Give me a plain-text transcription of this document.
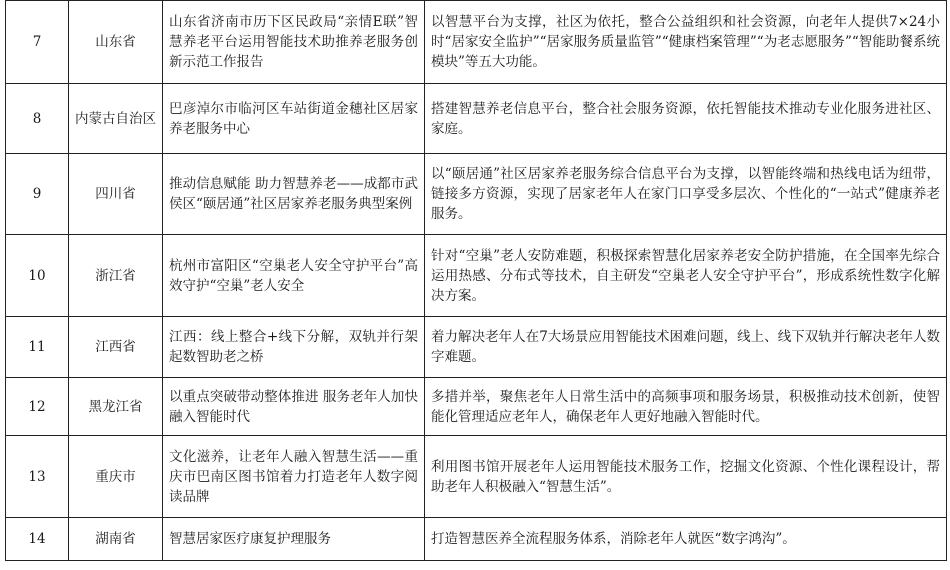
7	山东省	山东省济南市历下区民政局“亲情E联”智慧养老平台运用智能技术助推养老服务创新示范工作报告	以智慧平台为支撑，社区为依托，整合公益组织和社会资源，向老年人提供7×24小时“居家安全监护”“居家服务质量监管”“健康档案管理”“为老志愿服务”“智能助餐系统模块”等五大功能。
8	内蒙古自治区	巴彦淖尔市临河区车站街道金穗社区居家养老服务中心	搭建智慧养老信息平台，整合社会服务资源，依托智能技术推动专业化服务进社区、家庭。
9	四川省	推动信息赋能 助力智慧养老——成都市武侯区“颐居通”社区居家养老服务典型案例	以“颐居通”社区居家养老服务综合信息平台为支撑，以智能终端和热线电话为纽带，链接多方资源，实现了居家老年人在家门口享受多层次、个性化的“一站式”健康养老服务。
10	浙江省	杭州市富阳区“空巢老人安全守护平台”高效守护“空巢”老人安全	针对“空巢”老人安防难题，积极探索智慧化居家养老安全防护措施，在全国率先综合运用热感、分布式等技术，自主研发“空巢老人安全守护平台”，形成系统性数字化解决方案。
11	江西省	江西：线上整合+线下分解，双轨并行架起数智助老之桥	着力解决老年人在7大场景应用智能技术困难问题，线上、线下双轨并行解决老年人数字难题。
12	黑龙江省	以重点突破带动整体推进 服务老年人加快融入智能时代	多措并举，聚焦老年人日常生活中的高频事项和服务场景，积极推动技术创新，使智能化管理适应老年人，确保老年人更好地融入智能时代。
13	重庆市	文化滋养，让老年人融入智慧生活——重庆市巴南区图书馆着力打造老年人数字阅读品牌	利用图书馆开展老年人运用智能技术服务工作，挖掘文化资源、个性化课程设计，帮助老年人积极融入“智慧生活”。
14	湖南省	智慧居家医疗康复护理服务	打造智慧医养全流程服务体系，消除老年人就医“数字鸿沟”。
